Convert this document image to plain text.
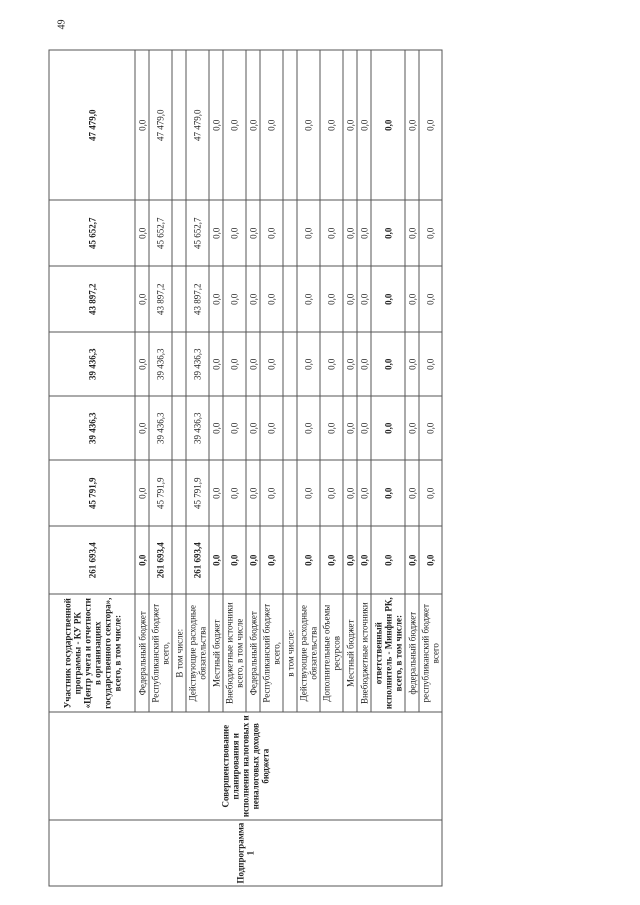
49
Подпрограмма 1	Совершенствование планирования и исполнения налоговых и неналоговых доходов бюджета	Участник государственной программы - КУ РК «Центр учета и отчетности в организациях государственного сектора», всего, в том числе:	261 693,4	45 791,9	39 436,3	39 436,3	43 897,2	45 652,7	47 479,0
		Федеральный бюджет	0,0	0,0	0,0	0,0	0,0	0,0	0,0
		Республиканский бюджет всего,	261 693,4	45 791,9	39 436,3	39 436,3	43 897,2	45 652,7	47 479,0
		В том числе:							
		Действующие расходные обязательства	261 693,4	45 791,9	39 436,3	39 436,3	43 897,2	45 652,7	47 479,0
		Местный бюджет	0,0	0,0	0,0	0,0	0,0	0,0	0,0
		Внебюджетные источники всего, в том числе	0,0	0,0	0,0	0,0	0,0	0,0	0,0
		Федеральный бюджет	0,0	0,0	0,0	0,0	0,0	0,0	0,0
		Республиканский бюджет всего,	0,0	0,0	0,0	0,0	0,0	0,0	0,0
		в том числе:							
		Действующие расходные обязательства	0,0	0,0	0,0	0,0	0,0	0,0	0,0
		Дополнительные объемы ресурсов	0,0	0,0	0,0	0,0	0,0	0,0	0,0
		Местный бюджет	0,0	0,0	0,0	0,0	0,0	0,0	0,0
		Внебюджетные источники	0,0	0,0	0,0	0,0	0,0	0,0	0,0
		ответственный исполнитель - Минфин РК, всего, в том числе:	0,0	0,0	0,0	0,0	0,0	0,0	0,0
		федеральный бюджет	0,0	0,0	0,0	0,0	0,0	0,0	0,0
		республиканский бюджет всего	0,0	0,0	0,0	0,0	0,0	0,0	0,0
